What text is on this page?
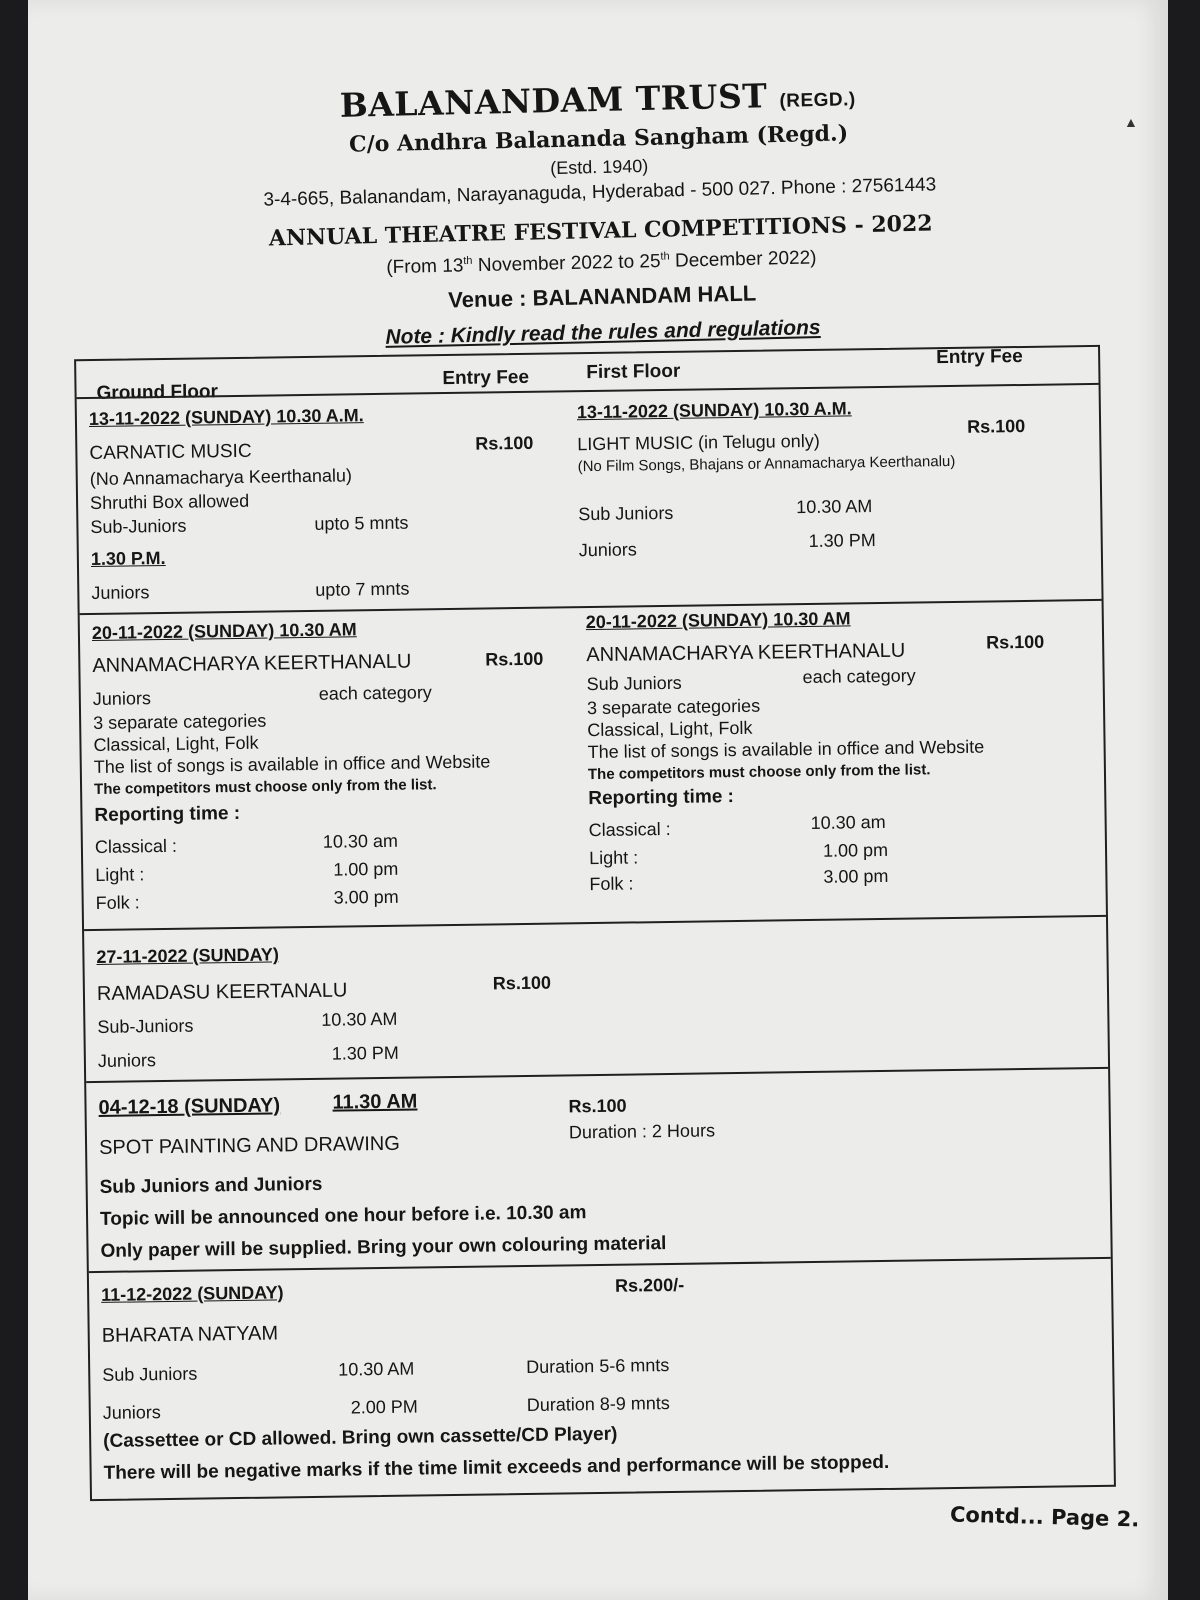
▲
BALANANDAM TRUST (REGD.)
C/o Andhra Balananda Sangham (Regd.)
(Estd. 1940)
3-4-665, Balanandam, Narayanaguda, Hyderabad - 500 027. Phone : 27561443
ANNUAL THEATRE FESTIVAL COMPETITIONS - 2022
(From 13th November 2022 to 25th December 2022)
Venue : BALANANDAM HALL
Note : Kindly read the rules and regulations
Ground Floor
Entry Fee	First Floor
Entry Fee
13-11-2022 (SUNDAY) 10.30 A.M.
CARNATIC MUSIC	Rs.100
(No Annamacharya Keerthanalu)
Shruthi Box allowed
Sub-Juniors	upto 5 mnts
1.30 P.M.
Juniors	upto 7 mnts
13-11-2022 (SUNDAY) 10.30 A.M.
LIGHT MUSIC (in Telugu only)
Rs.100
(No Film Songs, Bhajans or Annamacharya Keerthanalu)
Sub Juniors	10.30 AM
Juniors	1.30 PM
20-11-2022 (SUNDAY) 10.30 AM
ANNAMACHARYA KEERTHANALU	Rs.100
Juniors	each category
3 separate categories
Classical, Light, Folk
The list of songs is available in office and Website
The competitors must choose only from the list.
Reporting time :
Classical :	10.30 am
Light :	1.00 pm
Folk :	3.00 pm
20-11-2022 (SUNDAY) 10.30 AM
ANNAMACHARYA KEERTHANALU	Rs.100
Sub Juniors	each category
3 separate categories
Classical, Light, Folk
The list of songs is available in office and Website
The competitors must choose only from the list.
Reporting time :
Classical :	10.30 am
Light :	1.00 pm
Folk :	3.00 pm
27-11-2022 (SUNDAY)
RAMADASU KEERTANALU	Rs.100
Sub-Juniors	10.30 AM
Juniors	1.30 PM
04-12-18 (SUNDAY)	11.30 AM	Rs.100
Duration : 2 Hours
SPOT PAINTING AND DRAWING
Sub Juniors and Juniors
Topic will be announced one hour before i.e. 10.30 am
Only paper will be supplied. Bring your own colouring material
11-12-2022 (SUNDAY)	Rs.200/-
BHARATA NATYAM
Sub Juniors	10.30 AM	Duration 5-6 mnts
Juniors	2.00 PM	Duration 8-9 mnts
(Cassettee or CD allowed. Bring own cassette/CD Player)
There will be negative marks if the time limit exceeds and performance will be stopped.
Contd... Page 2.
